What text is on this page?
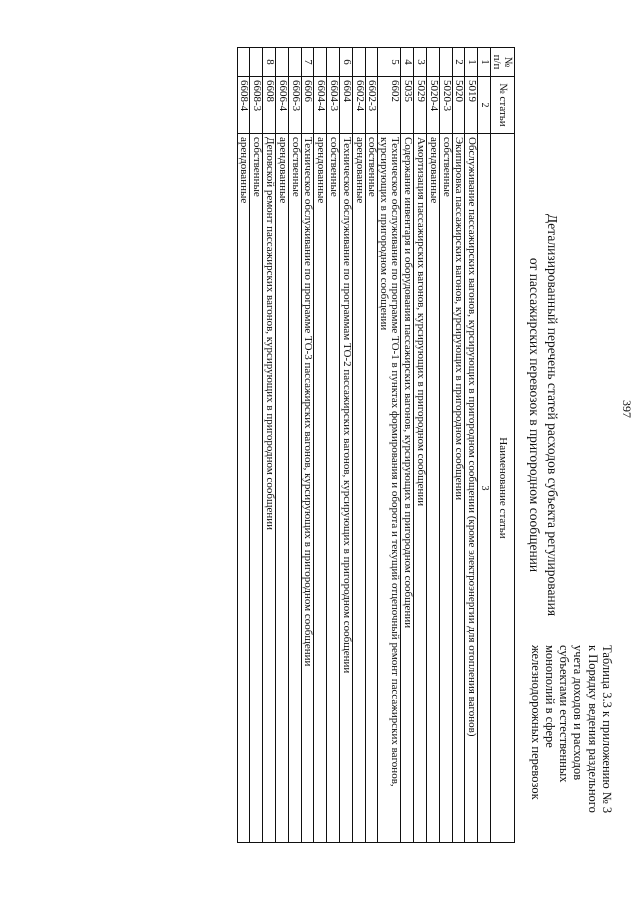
397
Таблица 3.3 к приложению № 3
к Порядку ведения раздельного
учета доходов и расходов
субъектами естественных
монополий в сфере
железнодорожных перевозок
Детализированный перечень статей расходов субъекта регулирования
от пассажирских перевозок в пригородном сообщении
№ п/п	№ статьи	Наименование статьи
1	2	3
1	5019	Обслуживание пассажирских вагонов, курсирующих в пригородном сообщении (кроме электроэнергии для отопления вагонов)
2	5020	Экипировка пассажирских вагонов, курсирующих в пригородном сообщении
	5020-3	собственные
	5020-4	арендованные
3	5029	Амортизация пассажирских вагонов, курсирующих в пригородном сообщении
4	5035	Содержание инвентаря и оборудования пассажирских вагонов, курсирующих в пригородном сообщении
5	6602	Техническое обслуживание по программе ТО-1 в пунктах формирования и оборота и текущий отцепочный ремонт пассажирских вагонов, курсирующих в пригородном сообщении
	6602-3	собственные
	6602-4	арендованные
6	6604	Техническое обслуживание по программам ТО-2 пассажирских вагонов, курсирующих в пригородном сообщении
	6604-3	собственные
	6604-4	арендованные
7	6606	Техническое обслуживание по программе ТО-3 пассажирских вагонов, курсирующих в пригородном сообщении
	6606-3	собственные
	6606-4	арендованные
8	6608	Деповской ремонт пассажирских вагонов, курсирующих в пригородном сообщении
	6608-3	собственные
	6608-4	арендованные
